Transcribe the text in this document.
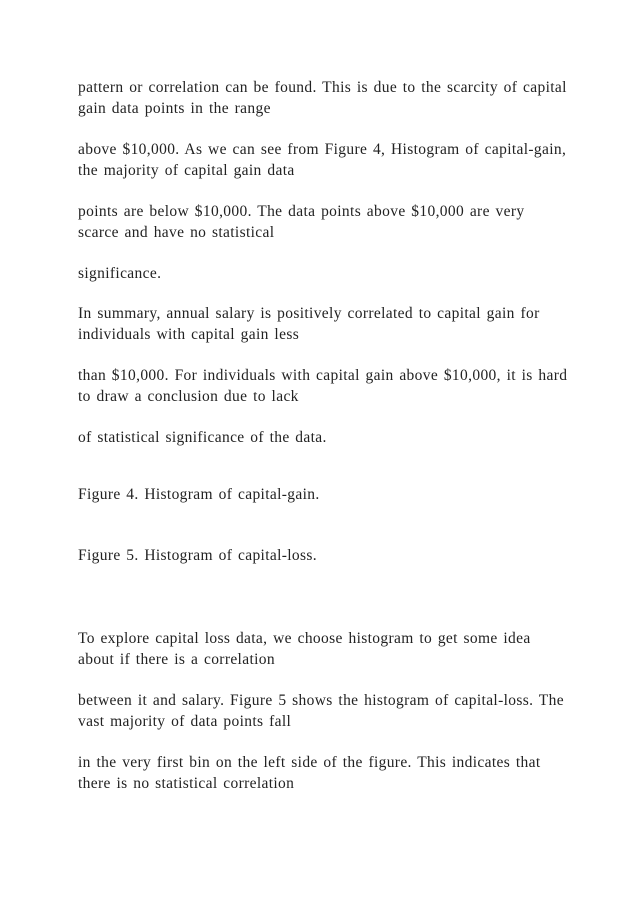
pattern or correlation can be found. This is due to the scarcity of capital gain data points in the range

above $10,000. As we can see from Figure 4, Histogram of capital-gain, the majority of capital gain data

points are below $10,000. The data points above $10,000 are very scarce and have no statistical

significance.

In summary, annual salary is positively correlated to capital gain for individuals with capital gain less

than $10,000. For individuals with capital gain above $10,000, it is hard to draw a conclusion due to lack

of statistical significance of the data.

Figure 4. Histogram of capital-gain.

Figure 5. Histogram of capital-loss.

To explore capital loss data, we choose histogram to get some idea about if there is a correlation

between it and salary. Figure 5 shows the histogram of capital-loss. The vast majority of data points fall

in the very first bin on the left side of the figure. This indicates that there is no statistical correlation
